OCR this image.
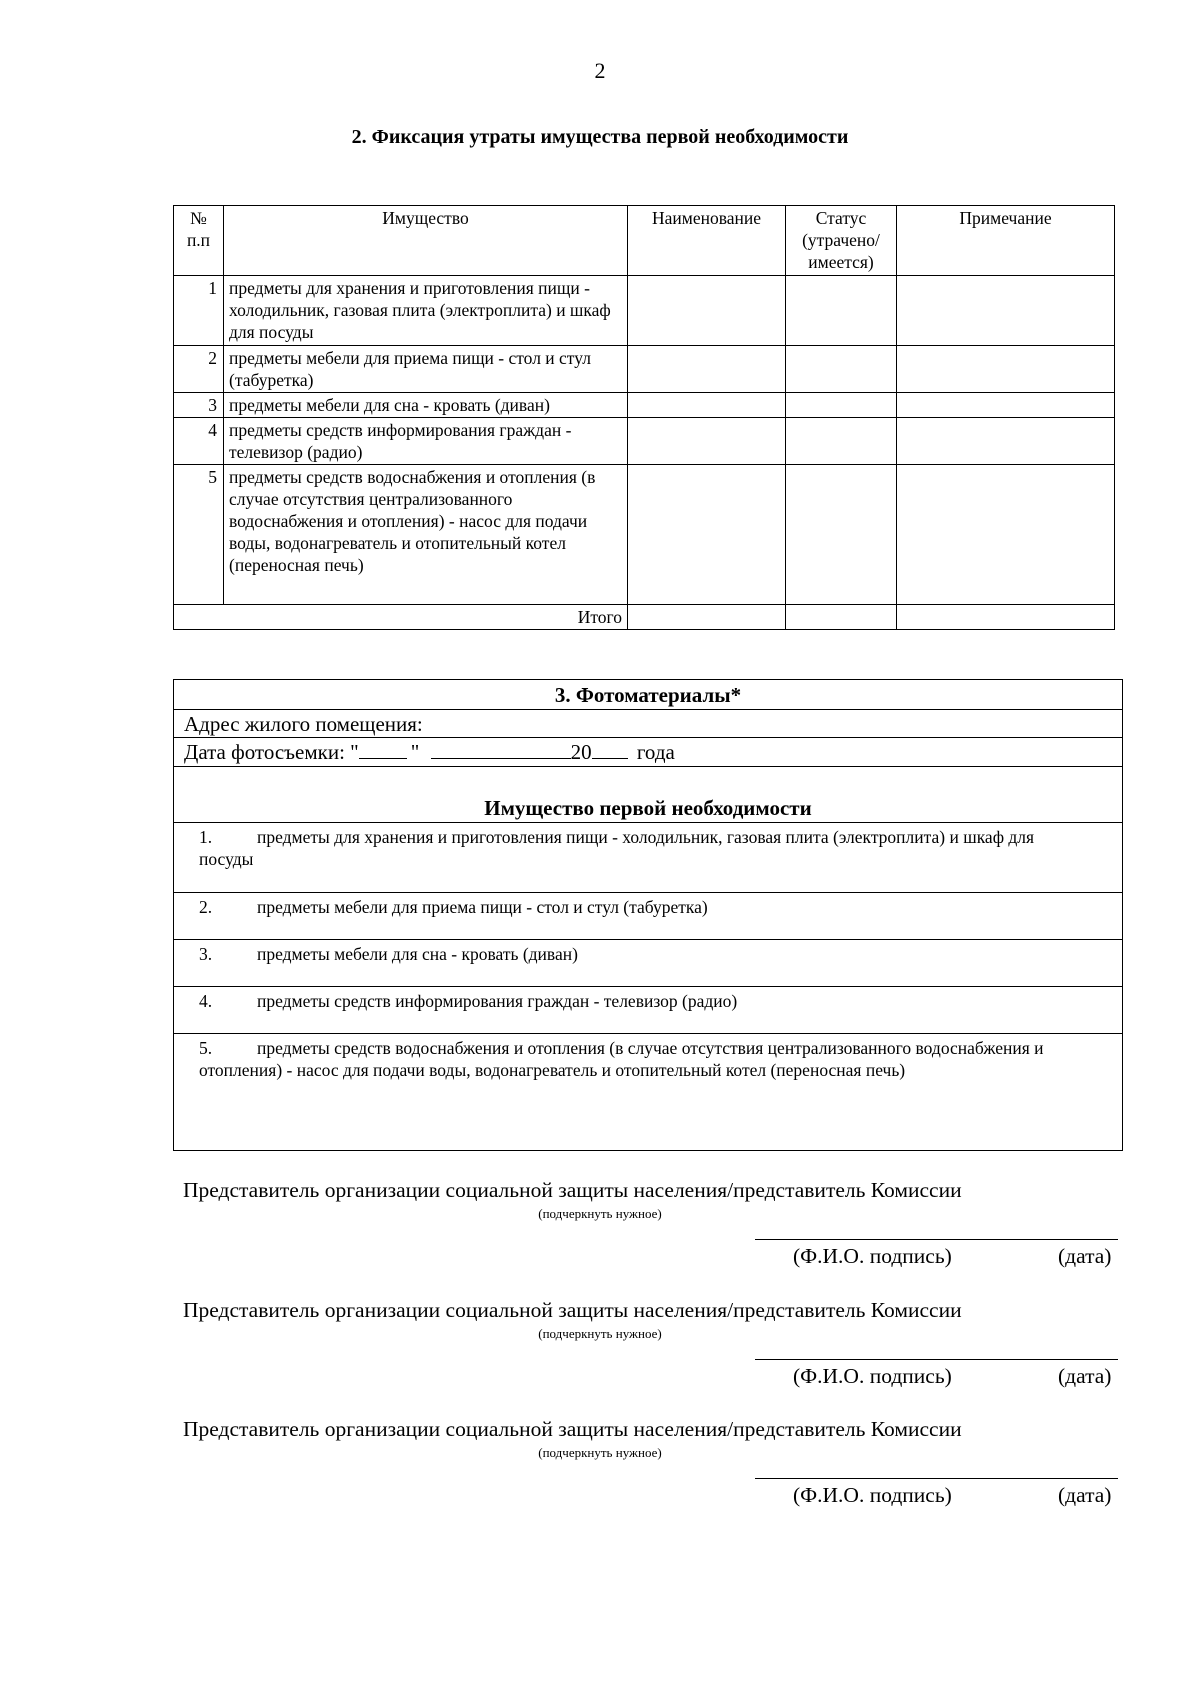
2
2. Фиксация утраты имущества первой необходимости
№ п.п	Имущество	Наименование	Статус (утрачено/ имеется)	Примечание
1	предметы для хранения и приготовления пищи - холодильник, газовая плита (электроплита) и шкаф для посуды			
2	предметы мебели для приема пищи - стол и стул (табуретка)			
3	предметы мебели для сна - кровать (диван)			
4	предметы средств информирования граждан - телевизор (радио)			
5	предметы средств водоснабжения и отопления (в случае отсутствия централизованного водоснабжения и отопления) - насос для подачи воды, водонагреватель и отопительный котел (переносная печь)			
Итого				
3. Фотоматериалы*
Адрес жилого помещения:
Дата фотосъемки: " "	20 года
Имущество первой необходимости
1.	предметы для хранения и приготовления пищи - холодильник, газовая плита (электроплита) и шкаф для посуды
2.	предметы мебели для приема пищи - стол и стул (табуретка)
3.	предметы мебели для сна - кровать (диван)
4.	предметы средств информирования граждан - телевизор (радио)
5.	предметы средств водоснабжения и отопления (в случае отсутствия централизованного водоснабжения и отопления) - насос для подачи воды, водонагреватель и отопительный котел (переносная печь)
Представитель организации социальной защиты населения/представитель Комиссии
(подчеркнуть нужное)
(Ф.И.О. подпись)	(дата)
Представитель организации социальной защиты населения/представитель Комиссии
(подчеркнуть нужное)
(Ф.И.О. подпись)	(дата)
Представитель организации социальной защиты населения/представитель Комиссии
(подчеркнуть нужное)
(Ф.И.О. подпись)	(дата)
